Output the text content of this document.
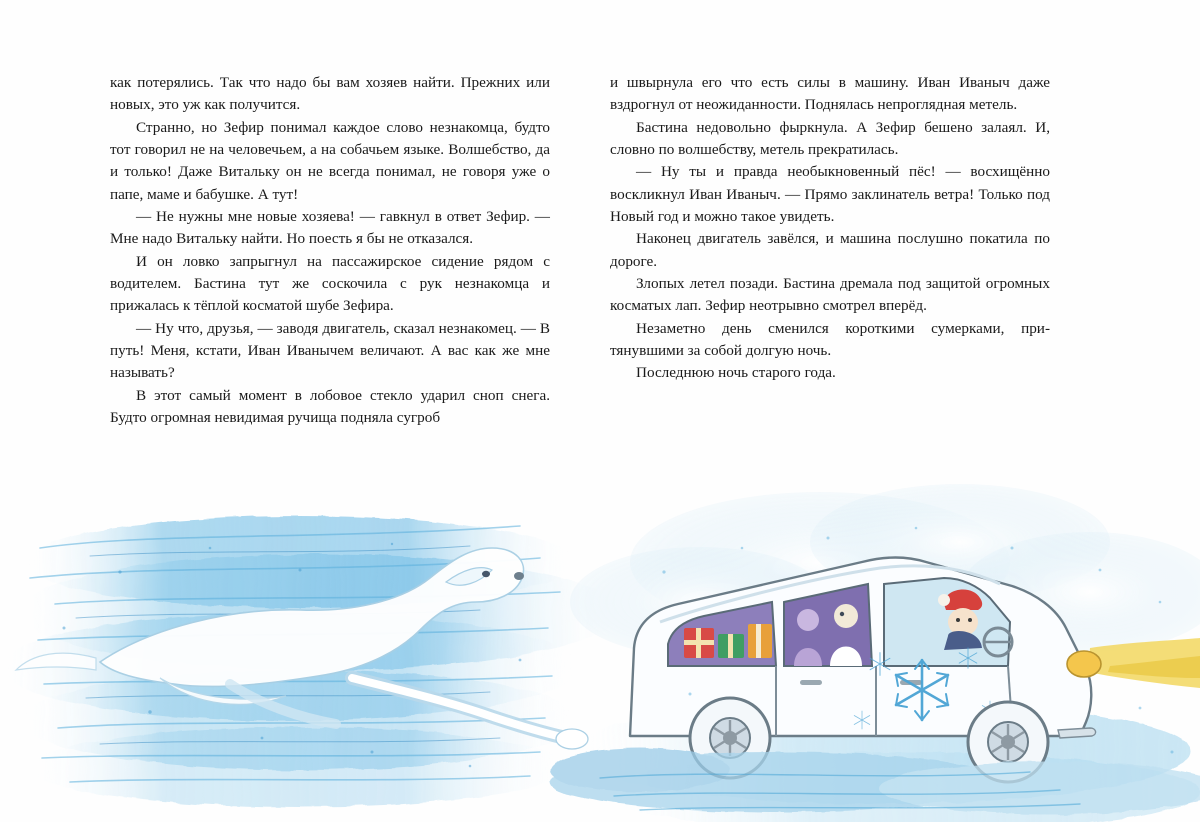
как потерялись. Так что надо бы вам хозяев найти. Прежних или новых, это уж как получится.

Странно, но Зефир понимал каждое слово незнакомца, будто тот говорил не на человечьем, а на собачьем языке. Волшебство, да и только! Даже Витальку он не всегда понимал, не говоря уже о папе, маме и бабушке. А тут!

— Не нужны мне новые хозяева! — гавкнул в ответ Зефир. — Мне надо Витальку найти. Но поесть я бы не отказался.

И он ловко запрыгнул на пассажирское сидение рядом с водителем. Бастина тут же соскочила с рук незнакомца и прижалась к тёплой косматой шубе Зефира.

— Ну что, друзья, — заводя двигатель, сказал незнакомец. — В путь! Меня, кстати, Иван Иванычем величают. А вас как же мне называть?

В этот самый момент в лобовое стекло ударил сноп снега. Будто огромная невидимая ручища подняла сугроб

и швырнула его что есть силы в машину. Иван Иваныч даже вздрогнул от неожиданности. Поднялась непроглядная метель.

Бастина недовольно фыркнула. А Зефир бешено залаял. И, словно по волшебству, метель прекратилась.

— Ну ты и правда необыкновенный пёс! — восхищённо воскликнул Иван Иваныч. — Прямо заклинатель ветра! Только под Новый год и можно такое увидеть.

Наконец двигатель завёлся, и машина послушно покатила по дороге.

Злопых летел позади. Бастина дремала под защитой огромных косматых лап. Зефир неотрывно смотрел вперёд.

Незаметно день сменился короткими сумерками, притянувшими за собой долгую ночь.

Последнюю ночь старого года.
